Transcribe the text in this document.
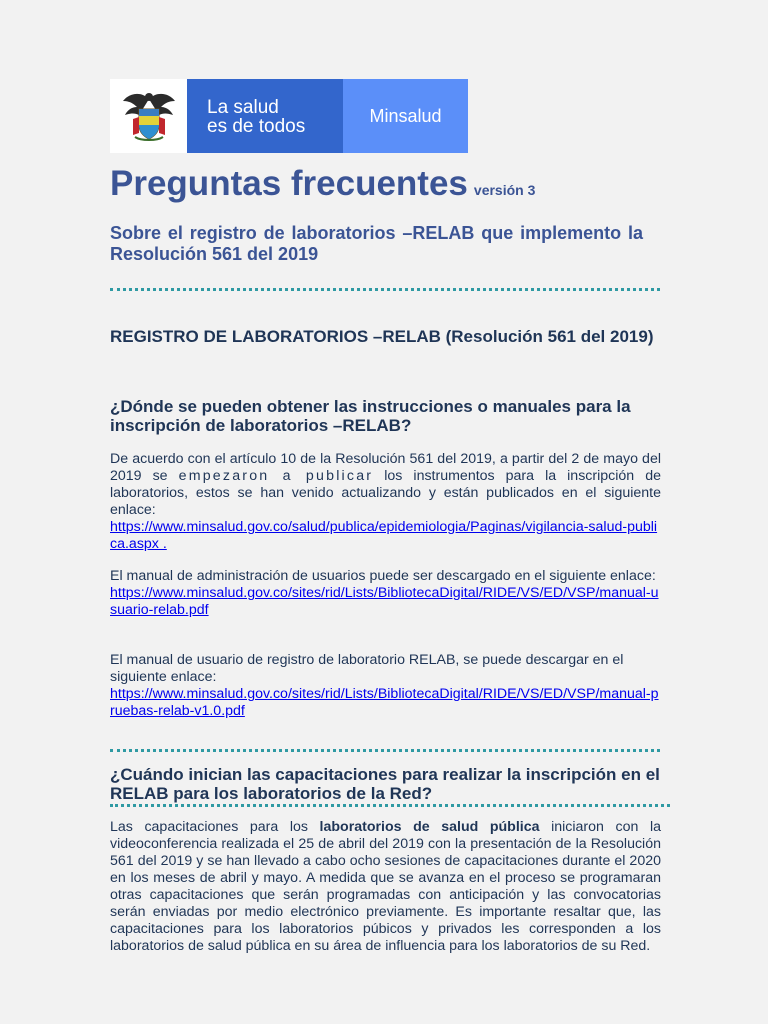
La salud
es de todos
Minsalud
Preguntas frecuentes versión 3
Sobre el registro de laboratorios –RELAB que implemento la Resolución 561 del 2019
REGISTRO DE LABORATORIOS –RELAB (Resolución 561 del 2019)
¿Dónde se pueden obtener las instrucciones o manuales para la inscripción de laboratorios –RELAB?
De acuerdo con el artículo 10 de la Resolución 561 del 2019, a partir del 2 de mayo del 2019 se empezaron a publicar los instrumentos para la inscripción de laboratorios, estos se han venido actualizando y están publicados en el siguiente enlace:
https://www.minsalud.gov.co/salud/publica/epidemiologia/Paginas/vigilancia-salud-publica.aspx .
El manual de administración de usuarios puede ser descargado en el siguiente enlace:
https://www.minsalud.gov.co/sites/rid/Lists/BibliotecaDigital/RIDE/VS/ED/VSP/manual-usuario-relab.pdf
El manual de usuario de registro de laboratorio RELAB, se puede descargar en el siguiente enlace:
https://www.minsalud.gov.co/sites/rid/Lists/BibliotecaDigital/RIDE/VS/ED/VSP/manual-pruebas-relab-v1.0.pdf
¿Cuándo inician las capacitaciones para realizar la inscripción en el RELAB para los laboratorios de la Red?
Las capacitaciones para los laboratorios de salud pública iniciaron con la videoconferencia realizada el 25 de abril del 2019 con la presentación de la Resolución 561 del 2019 y se han llevado a cabo ocho sesiones de capacitaciones durante el 2020 en los meses de abril y mayo. A medida que se avanza en el proceso se programaran otras capacitaciones que serán programadas con anticipación y las convocatorias serán enviadas por medio electrónico previamente. Es importante resaltar que, las capacitaciones para los laboratorios púbicos y privados les corresponden a los laboratorios de salud pública en su área de influencia para los laboratorios de su Red.
